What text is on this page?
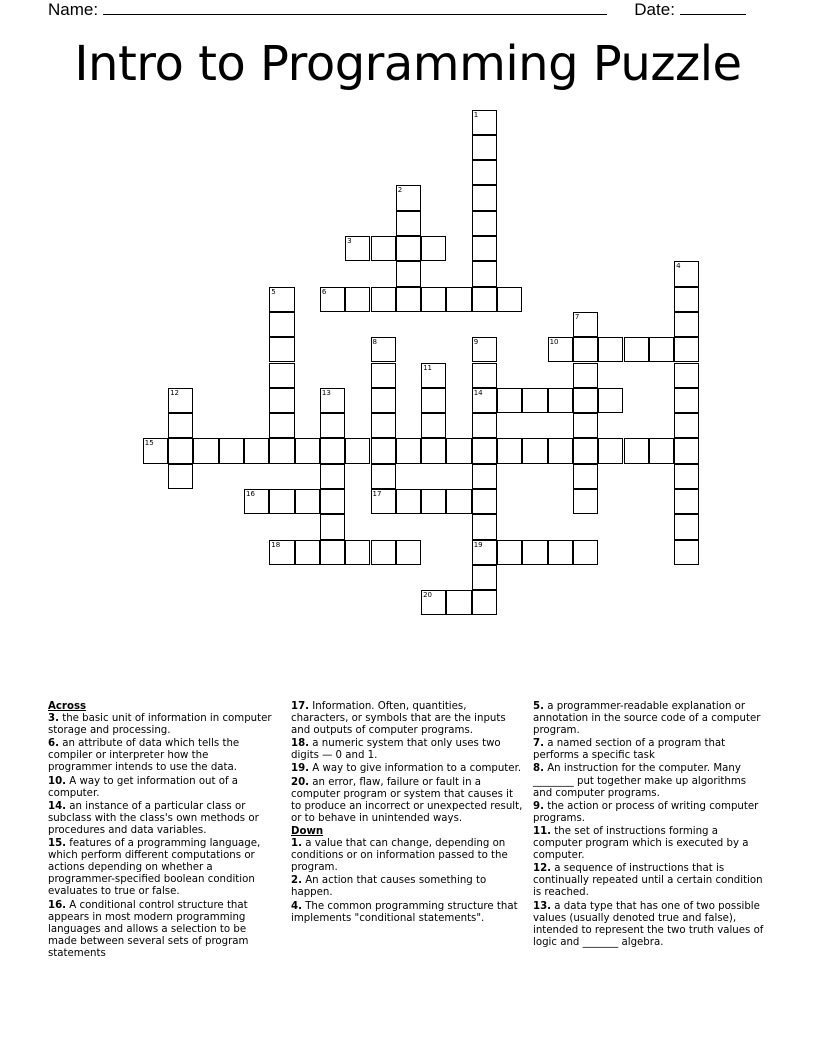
Name:	Date:
Intro to Programming Puzzle
1
2
3
4
5	6
7
8
17
9
14
19
10
11
12	13
15
16
18
20
Across
3. the basic unit of information in computer storage and processing.
6. an attribute of data which tells the compiler or interpreter how the programmer intends to use the data.
10. A way to get information out of a computer.
14. an instance of a particular class or subclass with the class's own methods or procedures and data variables.
15. features of a programming language, which perform different computations or actions depending on whether a programmer-specified boolean condition evaluates to true or false.
16. A conditional control structure that appears in most modern programming languages and allows a selection to be made between several sets of program statements
17. Information. Often, quantities, characters, or symbols that are the inputs and outputs of computer programs.
18. a numeric system that only uses two digits — 0 and 1.
19. A way to give information to a computer.
20. an error, flaw, failure or fault in a computer program or system that causes it to produce an incorrect or unexpected result, or to behave in unintended ways.
Down
1. a value that can change, depending on conditions or on information passed to the program.
2. An action that causes something to happen.
4. The common programming structure that implements "conditional statements".
5. a programmer-readable explanation or annotation in the source code of a computer program.
7. a named section of a program that performs a specific task
8. An instruction for the computer. Many ________ put together make up algorithms and computer programs.
9. the action or process of writing computer programs.
11. the set of instructions forming a computer program which is executed by a computer.
12. a sequence of instructions that is continually repeated until a certain condition is reached.
13. a data type that has one of two possible values (usually denoted true and false), intended to represent the two truth values of logic and _______ algebra.
